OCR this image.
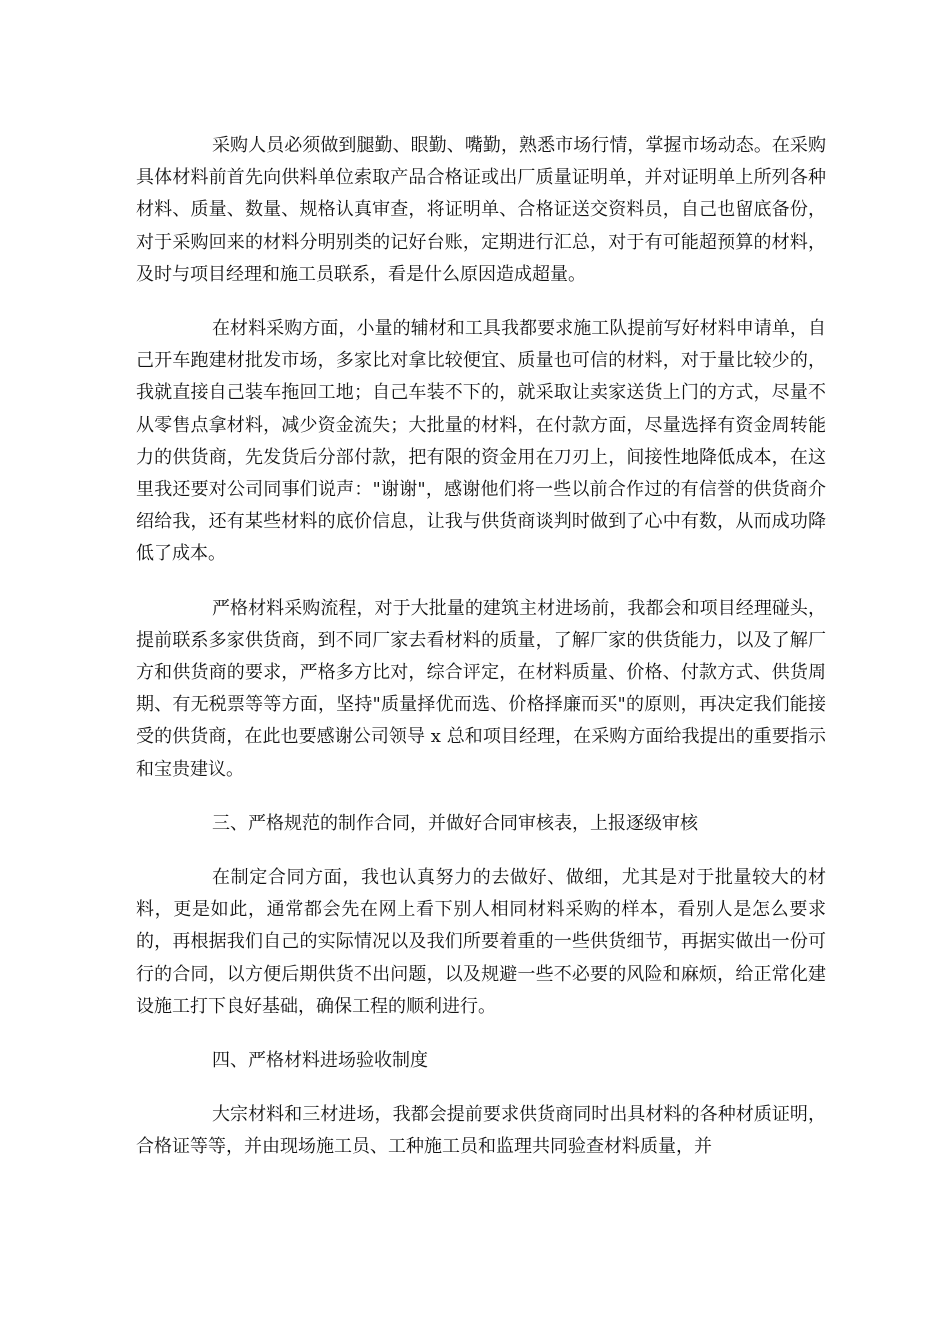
采购人员必须做到腿勤、眼勤、嘴勤，熟悉市场行情，掌握市场动态。在采购具体材料前首先向供料单位索取产品合格证或出厂质量证明单，并对证明单上所列各种材料、质量、数量、规格认真审查，将证明单、合格证送交资料员，自己也留底备份，对于采购回来的材料分明别类的记好台账，定期进行汇总，对于有可能超预算的材料，及时与项目经理和施工员联系，看是什么原因造成超量。

在材料采购方面，小量的辅材和工具我都要求施工队提前写好材料申请单，自己开车跑建材批发市场，多家比对拿比较便宜、质量也可信的材料，对于量比较少的，我就直接自己装车拖回工地；自己车装不下的，就采取让卖家送货上门的方式，尽量不从零售点拿材料，减少资金流失；大批量的材料，在付款方面，尽量选择有资金周转能力的供货商，先发货后分部付款，把有限的资金用在刀刃上，间接性地降低成本，在这里我还要对公司同事们说声："谢谢"，感谢他们将一些以前合作过的有信誉的供货商介绍给我，还有某些材料的底价信息，让我与供货商谈判时做到了心中有数，从而成功降低了成本。

严格材料采购流程，对于大批量的建筑主材进场前，我都会和项目经理碰头，提前联系多家供货商，到不同厂家去看材料的质量，了解厂家的供货能力，以及了解厂方和供货商的要求，严格多方比对，综合评定，在材料质量、价格、付款方式、供货周期、有无税票等等方面，坚持"质量择优而选、价格择廉而买"的原则，再决定我们能接受的供货商，在此也要感谢公司领导 x 总和项目经理，在采购方面给我提出的重要指示和宝贵建议。

三、严格规范的制作合同，并做好合同审核表，上报逐级审核

在制定合同方面，我也认真努力的去做好、做细，尤其是对于批量较大的材料，更是如此，通常都会先在网上看下别人相同材料采购的样本，看别人是怎么要求的，再根据我们自己的实际情况以及我们所要着重的一些供货细节，再据实做出一份可行的合同，以方便后期供货不出问题，以及规避一些不必要的风险和麻烦，给正常化建设施工打下良好基础，确保工程的顺利进行。

四、严格材料进场验收制度

大宗材料和三材进场，我都会提前要求供货商同时出具材料的各种材质证明，合格证等等，并由现场施工员、工种施工员和监理共同验查材料质量，并
